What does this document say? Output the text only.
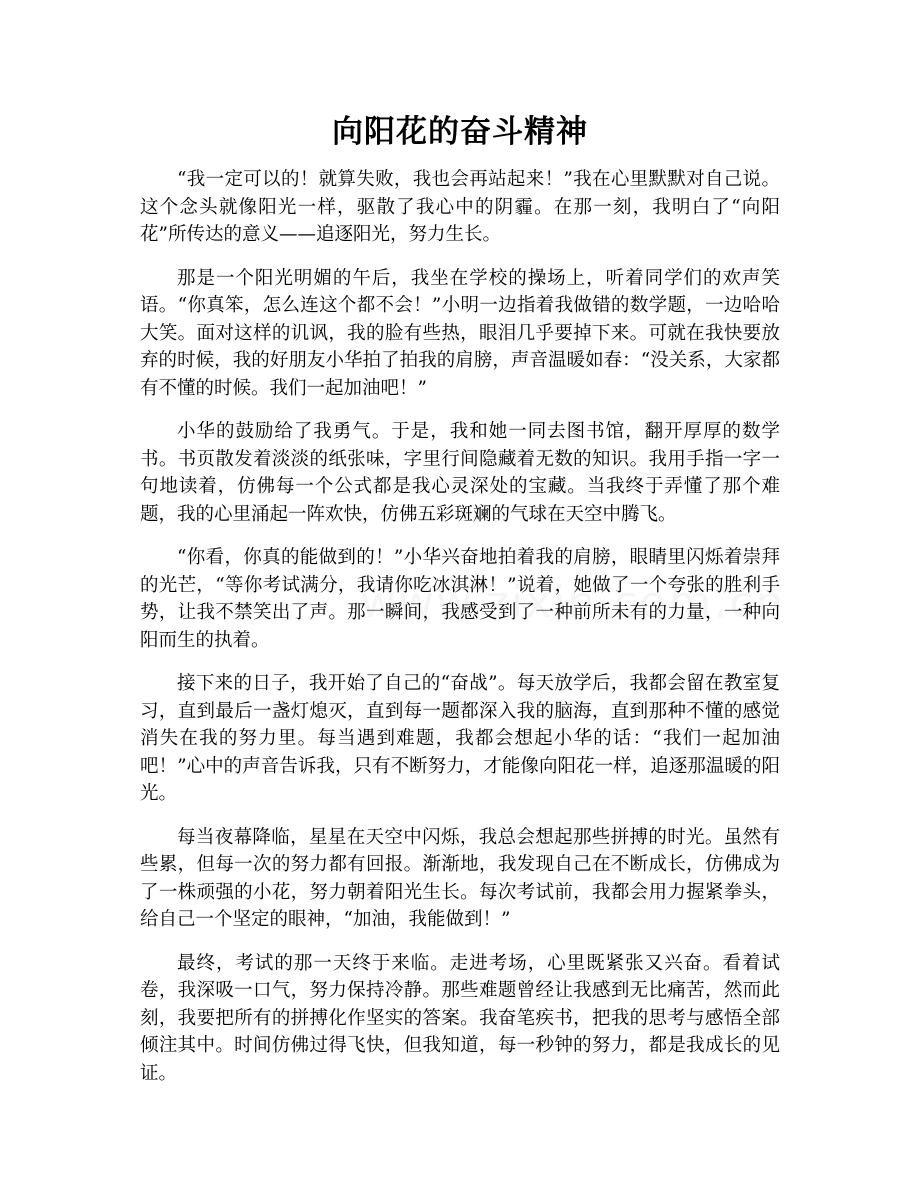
向阳花的奋斗精神

“我一定可以的！就算失败，我也会再站起来！”我在心里默默对自己说。这个念头就像阳光一样，驱散了我心中的阴霾。在那一刻，我明白了“向阳花”所传达的意义——追逐阳光，努力生长。

那是一个阳光明媚的午后，我坐在学校的操场上，听着同学们的欢声笑语。“你真笨，怎么连这个都不会！”小明一边指着我做错的数学题，一边哈哈大笑。面对这样的讥讽，我的脸有些热，眼泪几乎要掉下来。可就在我快要放弃的时候，我的好朋友小华拍了拍我的肩膀，声音温暖如春：“没关系，大家都有不懂的时候。我们一起加油吧！”

小华的鼓励给了我勇气。于是，我和她一同去图书馆，翻开厚厚的数学书。书页散发着淡淡的纸张味，字里行间隐藏着无数的知识。我用手指一字一句地读着，仿佛每一个公式都是我心灵深处的宝藏。当我终于弄懂了那个难题，我的心里涌起一阵欢快，仿佛五彩斑斓的气球在天空中腾飞。

“你看，你真的能做到的！”小华兴奋地拍着我的肩膀，眼睛里闪烁着崇拜的光芒，“等你考试满分，我请你吃冰淇淋！”说着，她做了一个夸张的胜利手势，让我不禁笑出了声。那一瞬间，我感受到了一种前所未有的力量，一种向阳而生的执着。

接下来的日子，我开始了自己的“奋战”。每天放学后，我都会留在教室复习，直到最后一盏灯熄灭，直到每一题都深入我的脑海，直到那种不懂的感觉消失在我的努力里。每当遇到难题，我都会想起小华的话：“我们一起加油吧！”心中的声音告诉我，只有不断努力，才能像向阳花一样，追逐那温暖的阳光。

每当夜幕降临，星星在天空中闪烁，我总会想起那些拼搏的时光。虽然有些累，但每一次的努力都有回报。渐渐地，我发现自己在不断成长，仿佛成为了一株顽强的小花，努力朝着阳光生长。每次考试前，我都会用力握紧拳头，给自己一个坚定的眼神，“加油，我能做到！”

最终，考试的那一天终于来临。走进考场，心里既紧张又兴奋。看着试卷，我深吸一口气，努力保持冷静。那些难题曾经让我感到无比痛苦，然而此刻，我要把所有的拼搏化作坚实的答案。我奋笔疾书，把我的思考与感悟全部倾注其中。时间仿佛过得飞快，但我知道，每一秒钟的努力，都是我成长的见证。
